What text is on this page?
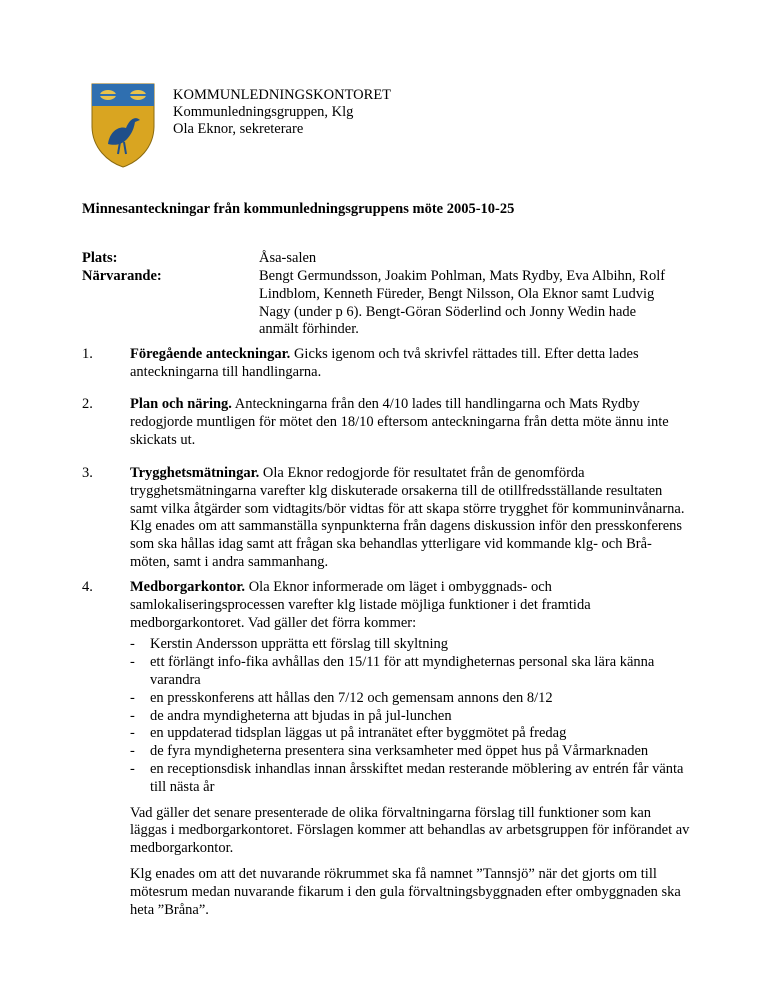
KOMMUNLEDNINGSKONTORET
Kommunledningsgruppen, Klg
Ola Eknor, sekreterare
Minnesanteckningar från kommunledningsgruppens möte 2005-10-25
Plats:	Åsa-salen
Närvarande:	Bengt Germundsson, Joakim Pohlman, Mats Rydby, Eva Albihn, Rolf Lindblom, Kenneth Füreder, Bengt Nilsson, Ola Eknor samt Ludvig Nagy (under p 6). Bengt-Göran Söderlind och Jonny Wedin hade anmält förhinder.
1.	Föregående anteckningar. Gicks igenom och två skrivfel rättades till. Efter detta lades anteckningarna till handlingarna.
2.	Plan och näring. Anteckningarna från den 4/10 lades till handlingarna och Mats Rydby redogjorde muntligen för mötet den 18/10 eftersom anteckningarna från detta möte ännu inte skickats ut.
3.	Trygghetsmätningar. Ola Eknor redogjorde för resultatet från de genomförda trygghetsmätningarna varefter klg diskuterade orsakerna till de otillfredsställande resultaten samt vilka åtgärder som vidtagits/bör vidtas för att skapa större trygghet för kommuninvånarna. Klg enades om att sammanställa synpunkterna från dagens diskussion inför den presskonferens som ska hållas idag samt att frågan ska behandlas ytterligare vid kommande klg- och Brå-möten, samt i andra sammanhang.
4.	Medborgarkontor. Ola Eknor informerade om läget i ombyggnads- och samlokaliseringsprocessen varefter klg listade möjliga funktioner i det framtida medborgarkontoret. Vad gäller det förra kommer:
- Kerstin Andersson upprätta ett förslag till skyltning
- ett förlängt info-fika avhållas den 15/11 för att myndigheternas personal ska lära känna varandra
- en presskonferens att hållas den 7/12 och gemensam annons den 8/12
- de andra myndigheterna att bjudas in på jul-lunchen
- en uppdaterad tidsplan läggas ut på intranätet efter byggmötet på fredag
- de fyra myndigheterna presentera sina verksamheter med öppet hus på Vårmarknaden
- en receptionsdisk inhandlas innan årsskiftet medan resterande möblering av entrén får vänta till nästa år

Vad gäller det senare presenterade de olika förvaltningarna förslag till funktioner som kan läggas i medborgarkontoret. Förslagen kommer att behandlas av arbetsgruppen för införandet av medborgarkontor.

Klg enades om att det nuvarande rökrummet ska få namnet ”Tannsjö” när det gjorts om till mötesrum medan nuvarande fikarum i den gula förvaltningsbyggnaden efter ombyggnaden ska heta ”Bråna”.
